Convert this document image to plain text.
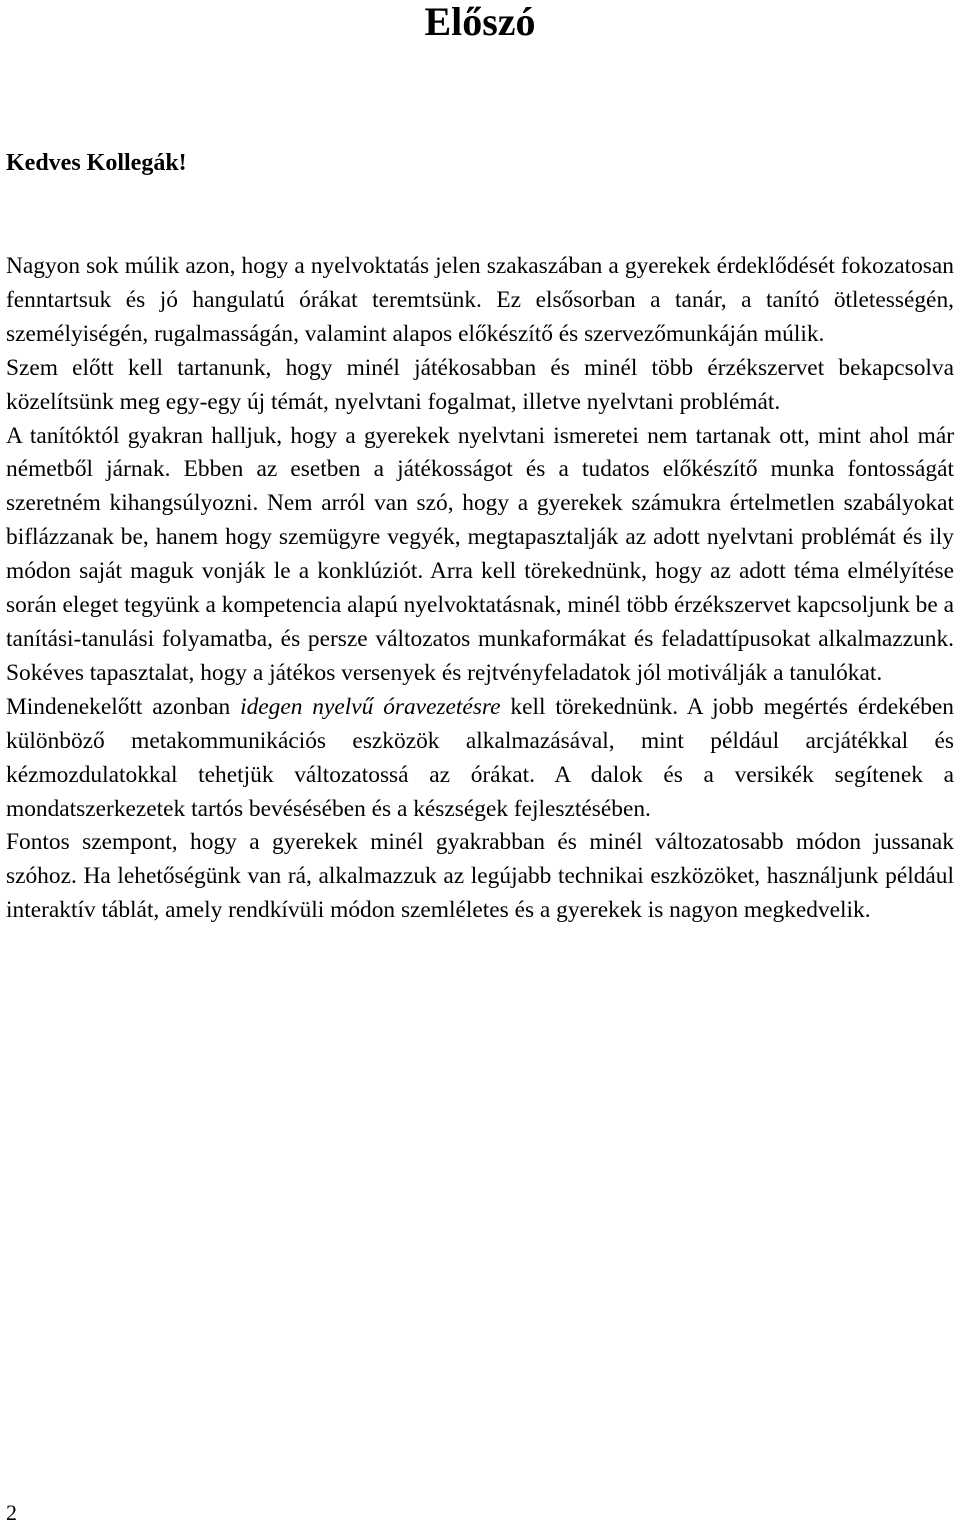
Előszó

Kedves Kollegák!

Nagyon sok múlik azon, hogy a nyelvoktatás jelen szakaszában a gyerekek érdeklődését fokozatosan fenntartsuk és jó hangulatú órákat teremtsünk. Ez elsősorban a tanár, a tanító ötletességén, személyiségén, rugalmasságán, valamint alapos előkészítő és szervezőmunkáján múlik.

Szem előtt kell tartanunk, hogy minél játékosabban és minél több érzékszervet bekapcsolva közelítsünk meg egy-egy új témát, nyelvtani fogalmat, illetve nyelvtani problémát.

A tanítóktól gyakran halljuk, hogy a gyerekek nyelvtani ismeretei nem tartanak ott, mint ahol már németből járnak. Ebben az esetben a játékosságot és a tudatos előkészítő munka fontosságát szeretném kihangsúlyozni. Nem arról van szó, hogy a gyerekek számukra értelmetlen szabályokat biflázzanak be, hanem hogy szemügyre vegyék, megtapasztalják az adott nyelvtani problémát és ily módon saját maguk vonják le a konklúziót. Arra kell törekednünk, hogy az adott téma elmélyítése során eleget tegyünk a kompetencia alapú nyelvoktatásnak, minél több érzékszervet kapcsoljunk be a tanítási-tanulási folyamatba, és persze változatos munkaformákat és feladattípusokat alkalmazzunk. Sokéves tapasztalat, hogy a játékos versenyek és rejtvényfeladatok jól motiválják a tanulókat.

Mindenekelőtt azonban idegen nyelvű óravezetésre kell törekednünk. A jobb megértés érdekében különböző metakommunikációs eszközök alkalmazásával, mint például arcjátékkal és kézmozdulatokkal tehetjük változatossá az órákat. A dalok és a versikék segítenek a mondatszerkezetek tartós bevésésében és a készségek fejlesztésében.

Fontos szempont, hogy a gyerekek minél gyakrabban és minél változatosabb módon jussanak szóhoz. Ha lehetőségünk van rá, alkalmazzuk az legújabb technikai eszközöket, használjunk például interaktív táblát, amely rendkívüli módon szemléletes és a gyerekek is nagyon megkedvelik.

2
